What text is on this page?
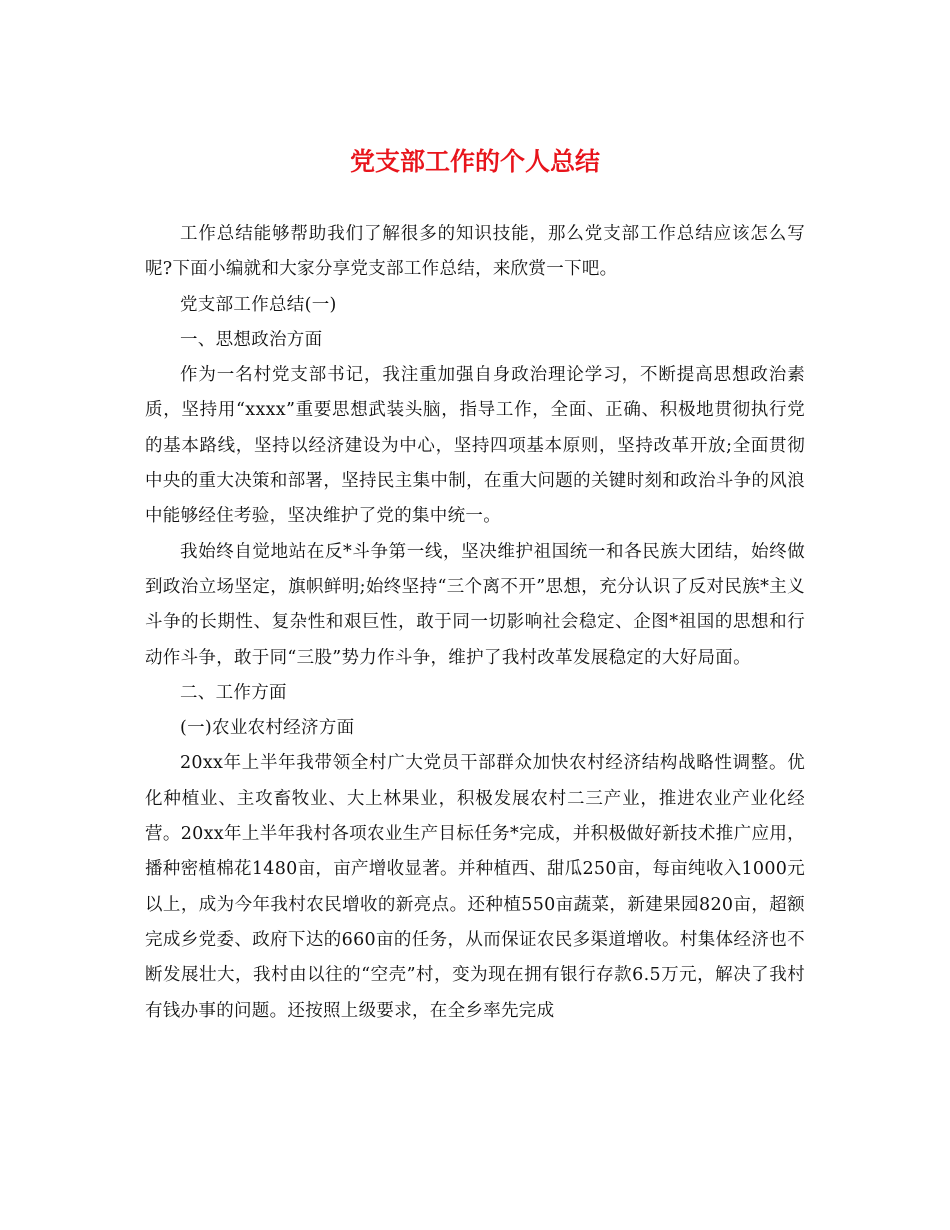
党支部工作的个人总结

工作总结能够帮助我们了解很多的知识技能，那么党支部工作总结应该怎么写呢?下面小编就和大家分享党支部工作总结，来欣赏一下吧。

党支部工作总结(一)

一、思想政治方面

作为一名村党支部书记，我注重加强自身政治理论学习，不断提高思想政治素质，坚持用“xxxx”重要思想武装头脑，指导工作，全面、正确、积极地贯彻执行党的基本路线，坚持以经济建设为中心，坚持四项基本原则，坚持改革开放;全面贯彻中央的重大决策和部署，坚持民主集中制，在重大问题的关键时刻和政治斗争的风浪中能够经住考验，坚决维护了党的集中统一。

我始终自觉地站在反*斗争第一线，坚决维护祖国统一和各民族大团结，始终做到政治立场坚定，旗帜鲜明;始终坚持“三个离不开”思想，充分认识了反对民族*主义斗争的长期性、复杂性和艰巨性，敢于同一切影响社会稳定、企图*祖国的思想和行动作斗争，敢于同“三股”势力作斗争，维护了我村改革发展稳定的大好局面。

二、工作方面

(一)农业农村经济方面

20xx年上半年我带领全村广大党员干部群众加快农村经济结构战略性调整。优化种植业、主攻畜牧业、大上林果业，积极发展农村二三产业，推进农业产业化经营。20xx年上半年我村各项农业生产目标任务*完成，并积极做好新技术推广应用，播种密植棉花1480亩，亩产增收显著。并种植西、甜瓜250亩，每亩纯收入1000元以上，成为今年我村农民增收的新亮点。还种植550亩蔬菜，新建果园820亩，超额完成乡党委、政府下达的660亩的任务，从而保证农民多渠道增收。村集体经济也不断发展壮大，我村由以往的“空壳”村，变为现在拥有银行存款6.5万元，解决了我村有钱办事的问题。还按照上级要求，在全乡率先完成
